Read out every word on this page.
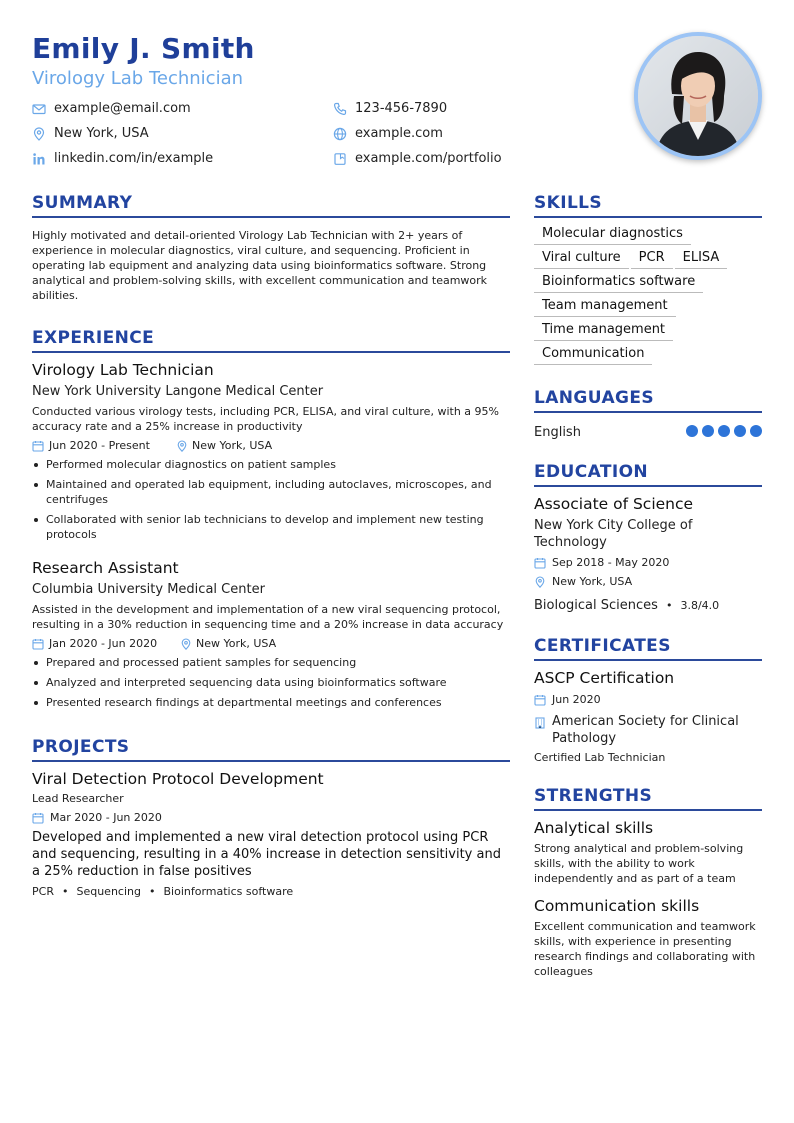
Emily J. Smith
Virology Lab Technician
example@email.com	123-456-7890
New York, USA	example.com
linkedin.com/in/example	example.com/portfolio
SUMMARY
Highly motivated and detail-oriented Virology Lab Technician with 2+ years of experience in molecular diagnostics, viral culture, and sequencing. Proficient in operating lab equipment and analyzing data using bioinformatics software. Strong analytical and problem-solving skills, with excellent communication and teamwork abilities.
EXPERIENCE
Virology Lab Technician
New York University Langone Medical Center
Conducted various virology tests, including PCR, ELISA, and viral culture, with a 95% accuracy rate and a 25% increase in productivity
Jun 2020 - Present	New York, USA
Performed molecular diagnostics on patient samples
Maintained and operated lab equipment, including autoclaves, microscopes, and centrifuges
Collaborated with senior lab technicians to develop and implement new testing protocols
Research Assistant
Columbia University Medical Center
Assisted in the development and implementation of a new viral sequencing protocol, resulting in a 30% reduction in sequencing time and a 20% increase in data accuracy
Jan 2020 - Jun 2020	New York, USA
Prepared and processed patient samples for sequencing
Analyzed and interpreted sequencing data using bioinformatics software
Presented research findings at departmental meetings and conferences
PROJECTS
Viral Detection Protocol Development
Lead Researcher
Mar 2020 - Jun 2020
Developed and implemented a new viral detection protocol using PCR and sequencing, resulting in a 40% increase in detection sensitivity and a 25% reduction in false positives
PCR • Sequencing • Bioinformatics software
SKILLS
Molecular diagnostics
Viral culture	PCR	ELISA
Bioinformatics software
Team management
Time management
Communication
LANGUAGES
English
EDUCATION
Associate of Science
New York City College of Technology
Sep 2018 - May 2020
New York, USA
Biological Sciences • 3.8/4.0
CERTIFICATES
ASCP Certification
Jun 2020
American Society for Clinical Pathology
Certified Lab Technician
STRENGTHS
Analytical skills
Strong analytical and problem-solving skills, with the ability to work independently and as part of a team
Communication skills
Excellent communication and teamwork skills, with experience in presenting research findings and collaborating with colleagues
